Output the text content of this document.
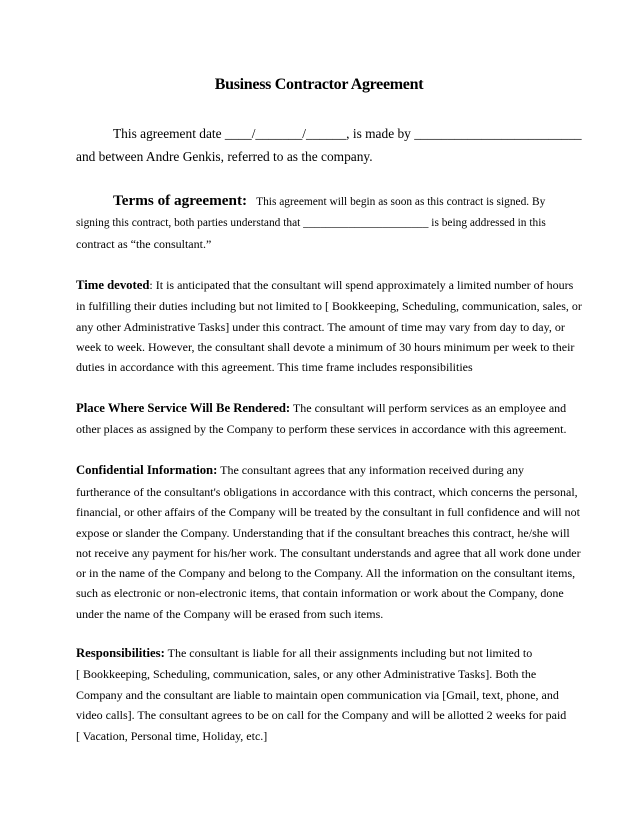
Business Contractor Agreement
This agreement date ____/_______/______, is made by _________________________
and between Andre Genkis, referred to as the company.
Terms of agreement: This agreement will begin as soon as this contract is signed. By
signing this contract, both parties understand that ______________________ is being addressed in this
contract as “the consultant.”
Time devoted: It is anticipated that the consultant will spend approximately a limited number of hours
in fulfilling their duties including but not limited to [ Bookkeeping, Scheduling, communication, sales, or
any other Administrative Tasks] under this contract. The amount of time may vary from day to day, or
week to week. However, the consultant shall devote a minimum of 30 hours minimum per week to their
duties in accordance with this agreement. This time frame includes responsibilities
Place Where Service Will Be Rendered: The consultant will perform services as an employee and
other places as assigned by the Company to perform these services in accordance with this agreement.
Confidential Information: The consultant agrees that any information received during any
furtherance of the consultant's obligations in accordance with this contract, which concerns the personal,
financial, or other affairs of the Company will be treated by the consultant in full confidence and will not
expose or slander the Company. Understanding that if the consultant breaches this contract, he/she will
not receive any payment for his/her work. The consultant understands and agree that all work done under
or in the name of the Company and belong to the Company. All the information on the consultant items,
such as electronic or non-electronic items, that contain information or work about the Company, done
under the name of the Company will be erased from such items.
Responsibilities: The consultant is liable for all their assignments including but not limited to
[ Bookkeeping, Scheduling, communication, sales, or any other Administrative Tasks]. Both the
Company and the consultant are liable to maintain open communication via [Gmail, text, phone, and
video calls]. The consultant agrees to be on call for the Company and will be allotted 2 weeks for paid
[ Vacation, Personal time, Holiday, etc.]
